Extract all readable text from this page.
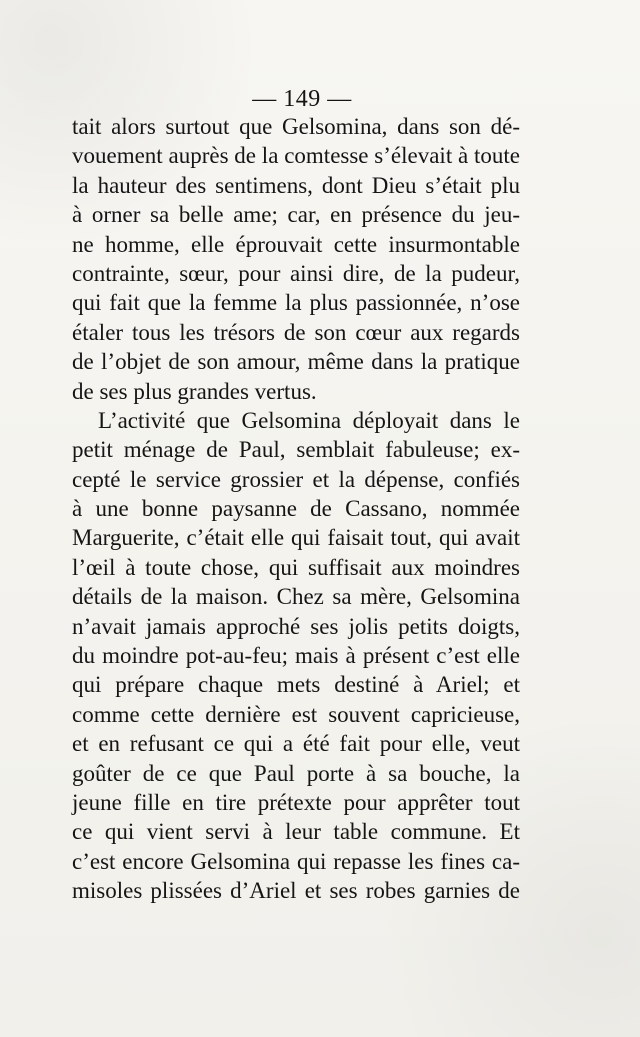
— 149 —
tait alors surtout que Gelsomina, dans son dé-
vouement auprès de la comtesse s’élevait à toute
la hauteur des sentimens, dont Dieu s’était plu
à orner sa belle ame; car, en présence du jeu-
ne homme, elle éprouvait cette insurmontable
contrainte, sœur, pour ainsi dire, de la pudeur,
qui fait que la femme la plus passionnée, n’ose
étaler tous les trésors de son cœur aux regards
de l’objet de son amour, même dans la pratique
de ses plus grandes vertus.
L’activité que Gelsomina déployait dans le
petit ménage de Paul, semblait fabuleuse; ex-
cepté le service grossier et la dépense, confiés
à une bonne paysanne de Cassano, nommée
Marguerite, c’était elle qui faisait tout, qui avait
l’œil à toute chose, qui suffisait aux moindres
détails de la maison. Chez sa mère, Gelsomina
n’avait jamais approché ses jolis petits doigts,
du moindre pot-au-feu; mais à présent c’est elle
qui prépare chaque mets destiné à Ariel; et
comme cette dernière est souvent capricieuse,
et en refusant ce qui a été fait pour elle, veut
goûter de ce que Paul porte à sa bouche, la
jeune fille en tire prétexte pour apprêter tout
ce qui vient servi à leur table commune. Et
c’est encore Gelsomina qui repasse les fines ca-
misoles plissées d’Ariel et ses robes garnies de
